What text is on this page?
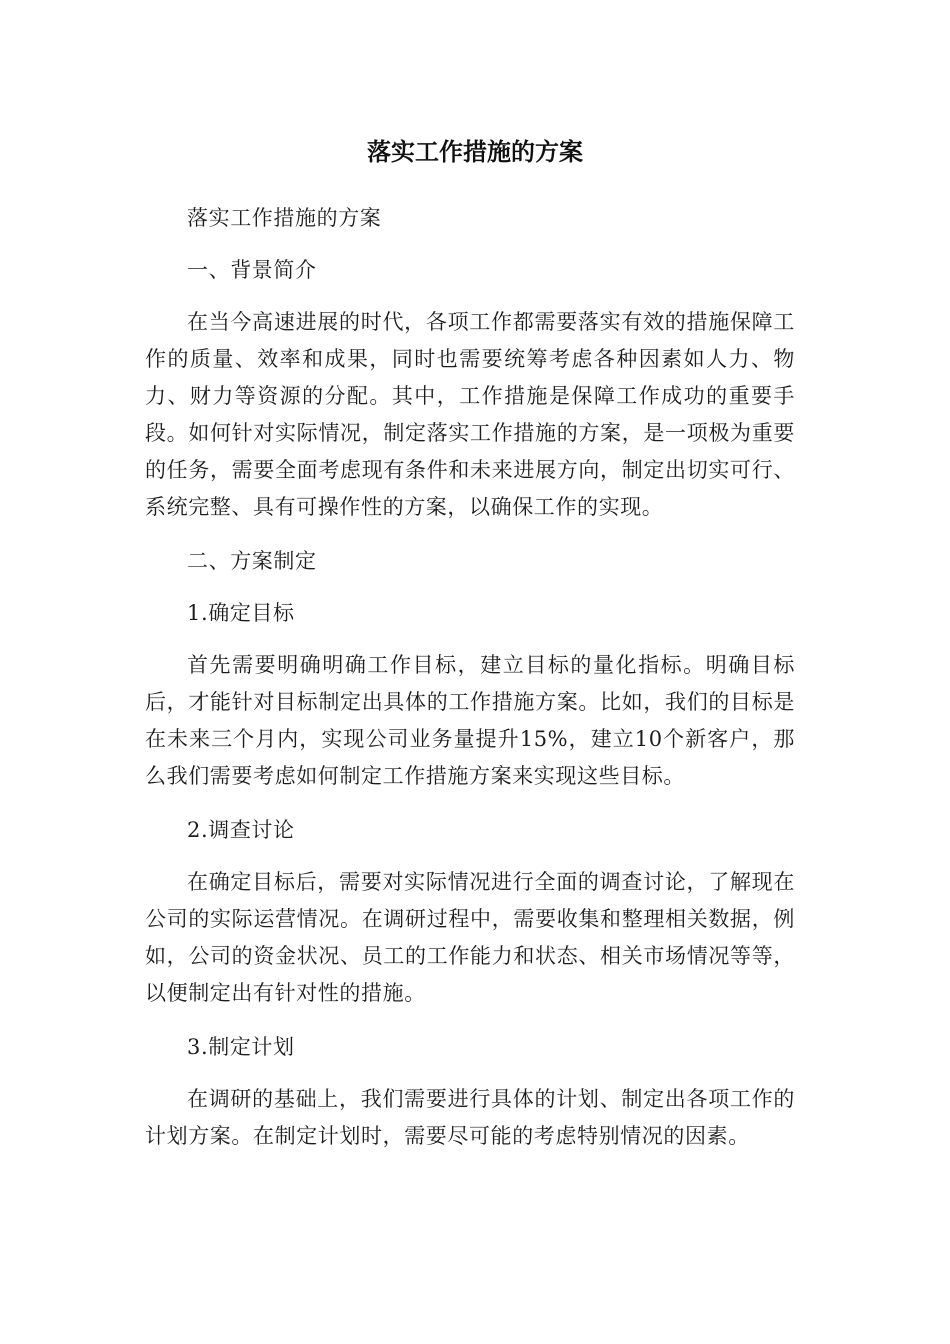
落实工作措施的方案

落实工作措施的方案

一、背景简介

在当今高速进展的时代，各项工作都需要落实有效的措施保障工作的质量、效率和成果，同时也需要统筹考虑各种因素如人力、物力、财力等资源的分配。其中，工作措施是保障工作成功的重要手段。如何针对实际情况，制定落实工作措施的方案，是一项极为重要的任务，需要全面考虑现有条件和未来进展方向，制定出切实可行、系统完整、具有可操作性的方案，以确保工作的实现。

二、方案制定

1.确定目标

首先需要明确明确工作目标，建立目标的量化指标。明确目标后，才能针对目标制定出具体的工作措施方案。比如，我们的目标是在未来三个月内，实现公司业务量提升15%，建立10个新客户，那么我们需要考虑如何制定工作措施方案来实现这些目标。

2.调查讨论

在确定目标后，需要对实际情况进行全面的调查讨论，了解现在公司的实际运营情况。在调研过程中，需要收集和整理相关数据，例如，公司的资金状况、员工的工作能力和状态、相关市场情况等等，以便制定出有针对性的措施。

3.制定计划

在调研的基础上，我们需要进行具体的计划、制定出各项工作的计划方案。在制定计划时，需要尽可能的考虑特别情况的因素。
